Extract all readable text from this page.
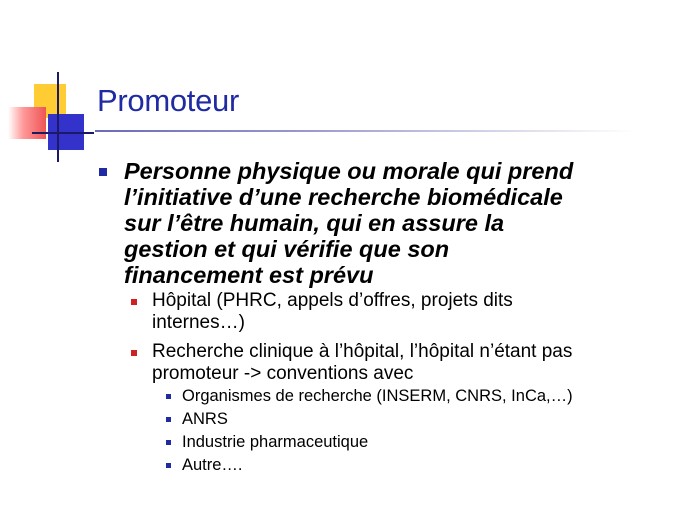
Promoteur
Personne physique ou morale qui prend
l’initiative d’une recherche biomédicale
sur l’être humain, qui en assure la
gestion et qui vérifie que son
financement est prévu
Hôpital (PHRC, appels d’offres, projets dits
internes…)
Recherche clinique à l’hôpital, l’hôpital n’étant pas
promoteur -> conventions avec
Organismes de recherche (INSERM, CNRS, InCa,…)
ANRS
Industrie pharmaceutique
Autre….
